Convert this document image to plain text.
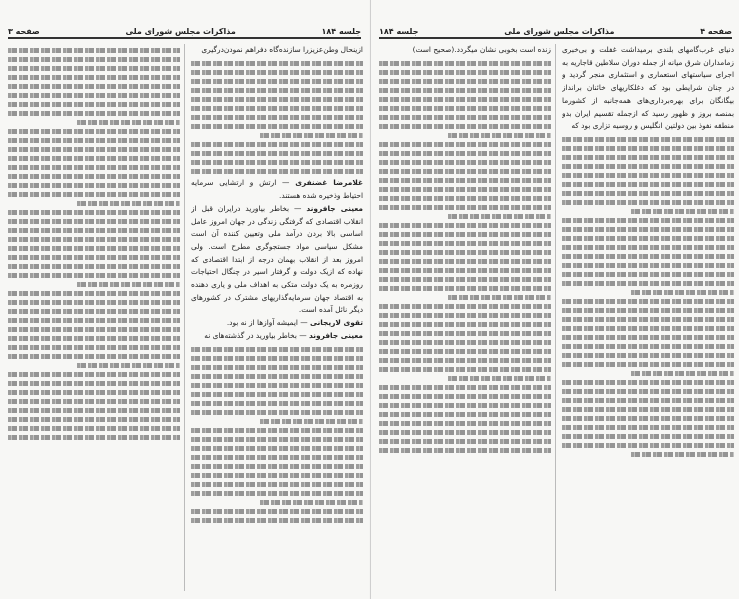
جلسه ۱۸۴
مذاکرات مجلس شورای ملی
صفحه ۳

ازینحال وطن‌عزیزرا سازنده‌گاه دفراهم نمودن‌درگیری

غلامرضا غضنفری — ارتش و ارتشایی سرمایه احتیاط وذخیره شده هستند.

معینی جافروند — بخاطر بیاورید درایران قبل از انقلاب اقتصادی که گرفتگی زندگی در جهان امروز عامل اساسی بالا بردن درآمد ملی وتعیین کننده آن است مشکل سیاسی مواد جستجوگری مطرح است. ولی امروز بعد از انقلاب بهمان درجه از ابتدا اقتصادی که نهاده که ازیک دولت و گرفتار اسیر در چنگال احتیاجات روزمره به یک دولت متکی به اهداف ملی و یاری دهنده به اقتصاد جهان سرمایه‌گذاریهای مشترک در کشورهای دیگر نائل آمده است.

تقوی لاریجانی — ایمیشه آوازها از نه بود.

معینی جافروند — بخاطر بیاورید در گذشته‌های نه

صفحه ۴
مذاکرات مجلس شورای ملی
جلسه ۱۸۴

دنیای غرب‌گامهای بلندی برمیداشت غفلت و بی‌خبری زمامداران شرق میانه از جمله دوران سلاطین قاجاریه به اجرای سیاستهای استعماری و استثماری منجر گردید و در چنان شرایطی بود که دغلکاریهای خائنان برانداز بیگانگان برای بهره‌برداری‌های همه‌جانبه از کشورما بمنصه بروز و ظهور رسید که ازجمله تقسیم ایران بدو منطقه نفوذ بین دولتین انگلیس و روسیه تزاری بود که

زنده است بخوبی نشان میگردد.(صحیح است)
